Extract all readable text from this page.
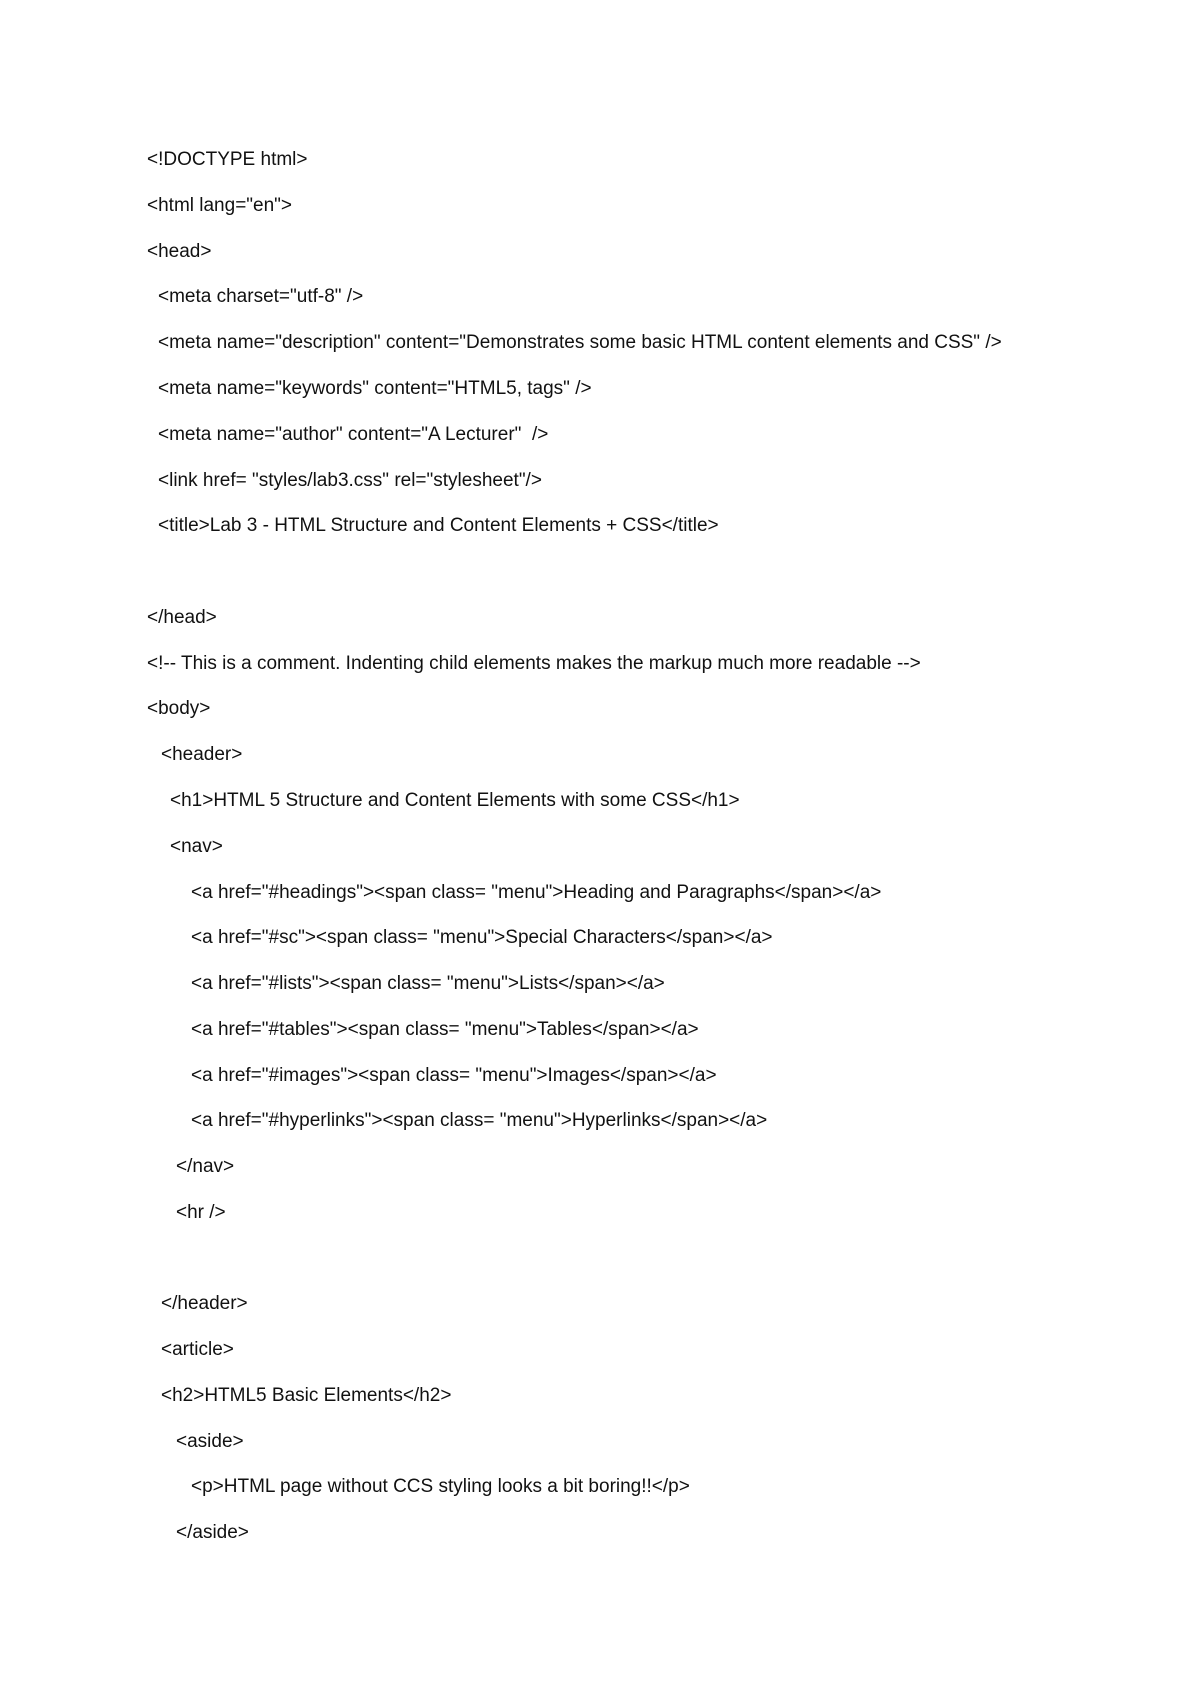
<!DOCTYPE html>

<html lang="en">

<head>

<meta charset="utf-8" />

<meta name="description" content="Demonstrates some basic HTML content elements and CSS" />

<meta name="keywords" content="HTML5, tags" />

<meta name="author" content="A Lecturer"  />

<link href= "styles/lab3.css" rel="stylesheet"/>

<title>Lab 3 - HTML Structure and Content Elements + CSS</title>

</head>

<!-- This is a comment. Indenting child elements makes the markup much more readable -->

<body>

<header>

<h1>HTML 5 Structure and Content Elements with some CSS</h1>

<nav>

<a href="#headings"><span class= "menu">Heading and Paragraphs</span></a>

<a href="#sc"><span class= "menu">Special Characters</span></a>

<a href="#lists"><span class= "menu">Lists</span></a>

<a href="#tables"><span class= "menu">Tables</span></a>

<a href="#images"><span class= "menu">Images</span></a>

<a href="#hyperlinks"><span class= "menu">Hyperlinks</span></a>

</nav>

<hr />

</header>

<article>

<h2>HTML5 Basic Elements</h2>

<aside>

<p>HTML page without CCS styling looks a bit boring!!</p>

</aside>
